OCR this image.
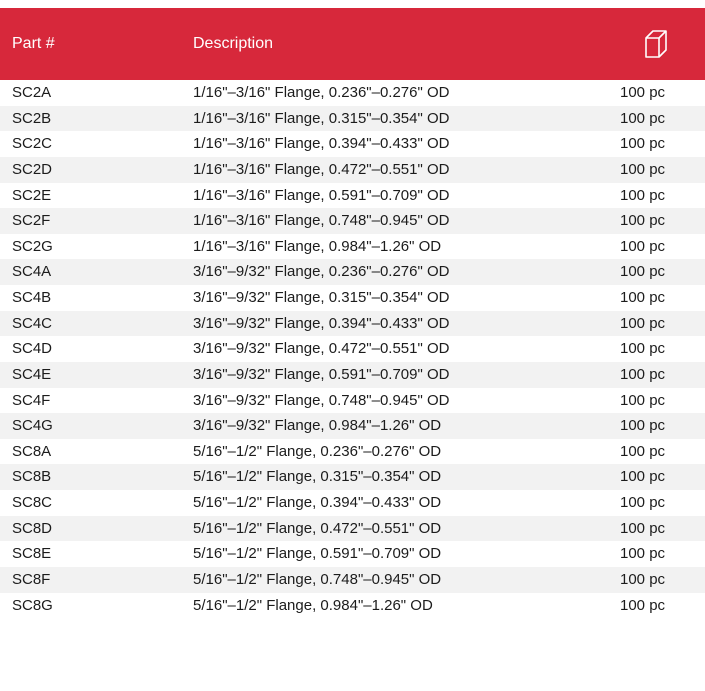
Part #	Description
SC2A	1/16"–3/16" Flange, 0.236"–0.276" OD	100 pc
SC2B	1/16"–3/16" Flange, 0.315"–0.354" OD	100 pc
SC2C	1/16"–3/16" Flange, 0.394"–0.433" OD	100 pc
SC2D	1/16"–3/16" Flange, 0.472"–0.551" OD	100 pc
SC2E	1/16"–3/16" Flange, 0.591"–0.709" OD	100 pc
SC2F	1/16"–3/16" Flange, 0.748"–0.945" OD	100 pc
SC2G	1/16"–3/16" Flange, 0.984"–1.26" OD	100 pc
SC4A	3/16"–9/32" Flange, 0.236"–0.276" OD	100 pc
SC4B	3/16"–9/32" Flange, 0.315"–0.354" OD	100 pc
SC4C	3/16"–9/32" Flange, 0.394"–0.433" OD	100 pc
SC4D	3/16"–9/32" Flange, 0.472"–0.551" OD	100 pc
SC4E	3/16"–9/32" Flange, 0.591"–0.709" OD	100 pc
SC4F	3/16"–9/32" Flange, 0.748"–0.945" OD	100 pc
SC4G	3/16"–9/32" Flange, 0.984"–1.26" OD	100 pc
SC8A	5/16"–1/2" Flange, 0.236"–0.276" OD	100 pc
SC8B	5/16"–1/2" Flange, 0.315"–0.354" OD	100 pc
SC8C	5/16"–1/2" Flange, 0.394"–0.433" OD	100 pc
SC8D	5/16"–1/2" Flange, 0.472"–0.551" OD	100 pc
SC8E	5/16"–1/2" Flange, 0.591"–0.709" OD	100 pc
SC8F	5/16"–1/2" Flange, 0.748"–0.945" OD	100 pc
SC8G	5/16"–1/2" Flange, 0.984"–1.26" OD	100 pc
